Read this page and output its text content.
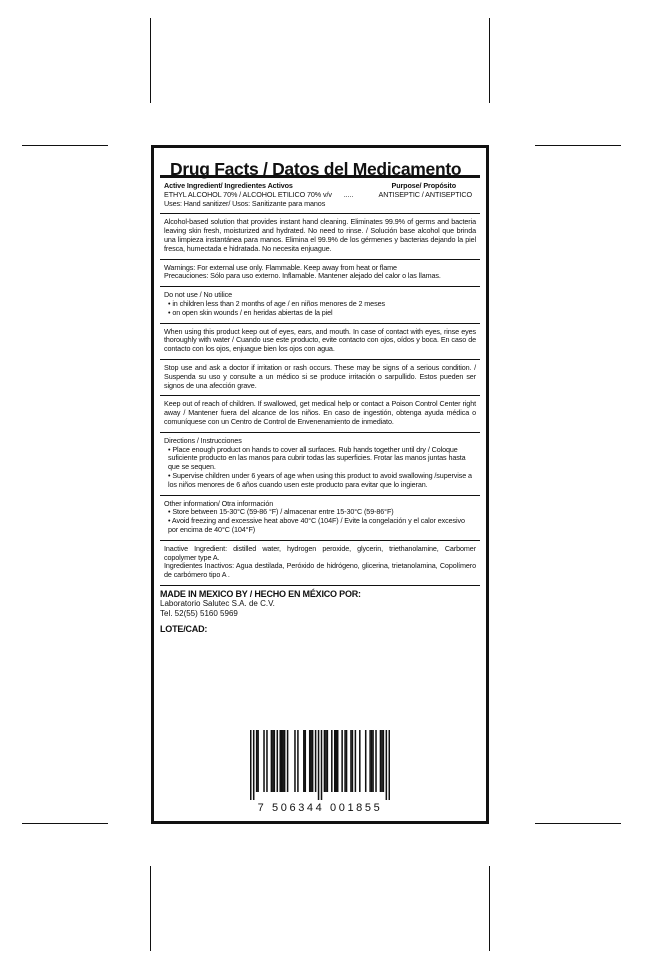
Drug Facts / Datos del Medicamento
Active Ingredient/ Ingredientes Activos	Purpose/ Propósito
ETHYL ALCOHOL 70% / ALCOHOL ETILICO 70% v/v .....	ANTISEPTIC / ANTISEPTICO
Uses: Hand sanitizer/ Usos: Sanitizante para manos
Alcohol-based solution that provides instant hand cleaning. Eliminates 99.9% of germs and bacteria leaving skin fresh, moisturized and hydrated. No need to rinse. / Solución base alcohol que brinda una limpieza instantánea para manos. Elimina el 99.9% de los gérmenes y bacterias dejando la piel fresca, humectada e hidratada. No necesita enjuague.
Warnings: For external use only. Flammable. Keep away from heat or flame
Precauciones: Sólo para uso externo. Inflamable. Mantener alejado del calor o las llamas.
Do not use / No utilice
• in children less than 2 months of age / en niños menores de 2 meses
• on open skin wounds / en heridas abiertas de la piel
When using this product keep out of eyes, ears, and mouth. In case of contact with eyes, rinse eyes thoroughly with water / Cuando use este producto, evite contacto con ojos, oídos y boca. En caso de contacto con los ojos, enjuague bien los ojos con agua.
Stop use and ask a doctor if irritation or rash occurs. These may be signs of a serious condition. / Suspenda su uso y consulte a un médico si se produce irritación o sarpullido. Estos pueden ser signos de una afección grave.
Keep out of reach of children. If swallowed, get medical help or contact a Poison Control Center right away / Mantener fuera del alcance de los niños. En caso de ingestión, obtenga ayuda médica o comuníquese con un Centro de Control de Envenenamiento de inmediato.
Directions / Instrucciones
• Place enough product on hands to cover all surfaces. Rub hands together until dry / Coloque suficiente producto en las manos para cubrir todas las superficies. Frotar las manos juntas hasta que se sequen.
• Supervise children under 6 years of age when using this product to avoid swallowing /supervise a los niños menores de 6 años cuando usen este producto para evitar que lo ingieran.
Other information/ Otra información
• Store between 15-30°C (59-86 °F) / almacenar entre 15-30°C (59-86°F)
• Avoid freezing and excessive heat above 40°C (104F) / Evite la congelación y el calor excesivo por encima de 40°C (104°F)
Inactive Ingredient: distilled water, hydrogen peroxide, glycerin, triethanolamine, Carbomer copolymer type A.
Ingredientes Inactivos: Agua destilada, Peróxido de hidrógeno, glicerina, trietanolamina, Copolímero de carbómero tipo A .
MADE IN MEXICO BY / HECHO EN MÉXICO POR:
Laboratorio Salutec S.A. de C.V.
Tel. 52(55) 5160 5969
LOTE/CAD:
7 506344 001855
